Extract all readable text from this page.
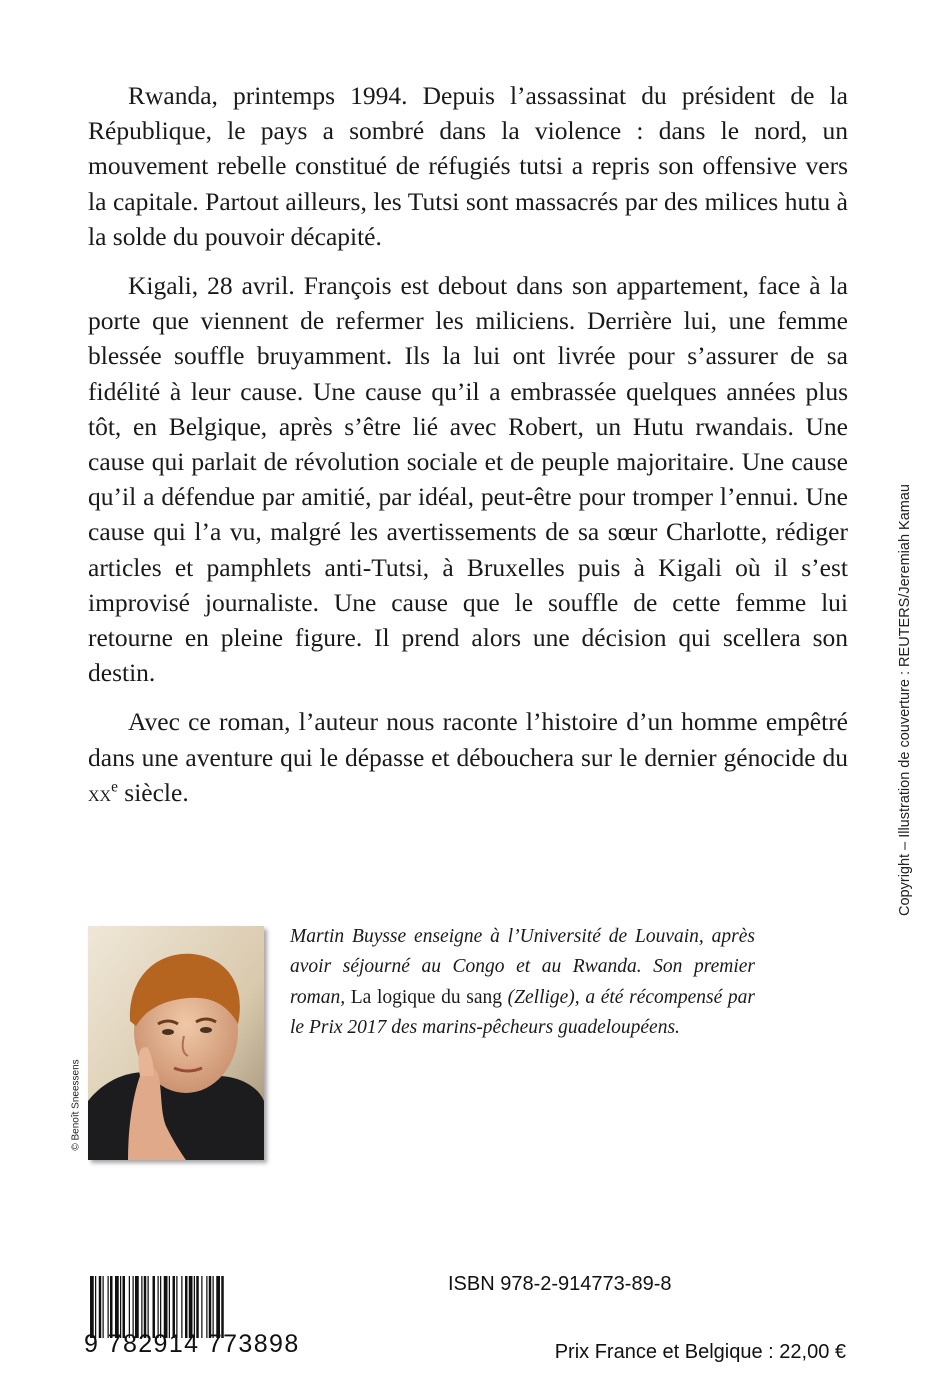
Rwanda, printemps 1994. Depuis l’assassinat du président de la République, le pays a sombré dans la violence : dans le nord, un mouvement rebelle constitué de réfugiés tutsi a repris son offensive vers la capitale. Partout ailleurs, les Tutsi sont massacrés par des milices hutu à la solde du pouvoir décapité.

Kigali, 28 avril. François est debout dans son appartement, face à la porte que viennent de refermer les miliciens. Derrière lui, une femme blessée souffle bruyamment. Ils la lui ont livrée pour s’assurer de sa fidélité à leur cause. Une cause qu’il a embrassée quelques années plus tôt, en Belgique, après s’être lié avec Robert, un Hutu rwandais. Une cause qui parlait de révolution sociale et de peuple majoritaire. Une cause qu’il a défendue par amitié, par idéal, peut-être pour tromper l’ennui. Une cause qui l’a vu, malgré les avertissements de sa sœur Charlotte, rédiger articles et pamphlets anti-Tutsi, à Bruxelles puis à Kigali où il s’est improvisé journaliste. Une cause que le souffle de cette femme lui retourne en pleine figure. Il prend alors une décision qui scellera son destin.

Avec ce roman, l’auteur nous raconte l’histoire d’un homme empêtré dans une aventure qui le dépasse et débouchera sur le dernier génocide du $xx^e$ siècle.	Copyright – Illustration de couverture : REUTERS/Jeremiah Kamau
© Benoît Sneessens
Martin Buysse enseigne à l’Université de Louvain, après avoir séjourné au Congo et au Rwanda. Son premier roman, La logique du sang (Zellige), a été récompensé par le Prix 2017 des marins-pêcheurs guadeloupéens.
9 782914 773898
ISBN 978-2-914773-89-8
Prix France et Belgique : 22,00 €
